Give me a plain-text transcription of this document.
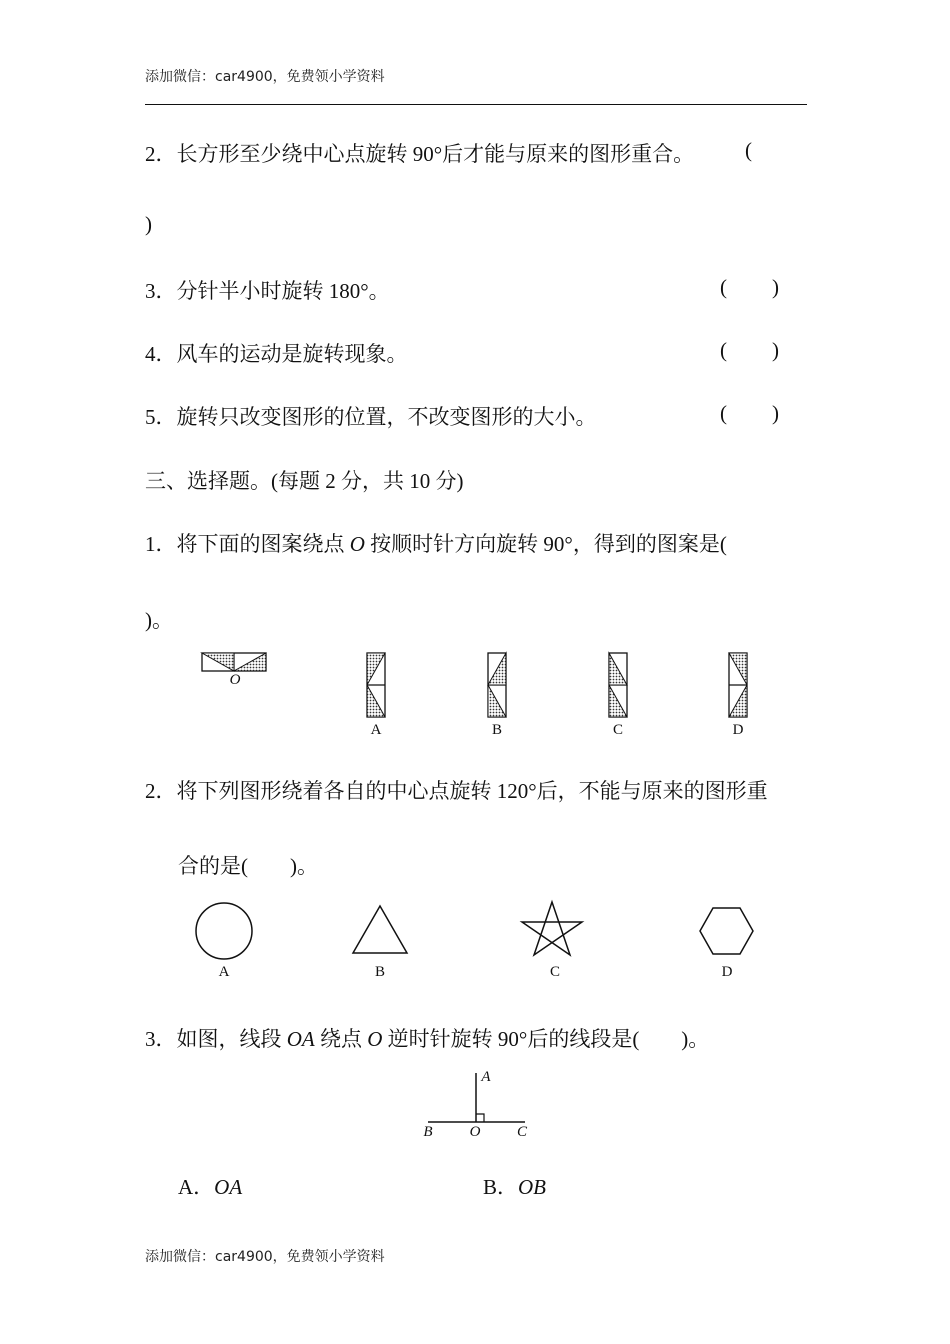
添加微信：car4900，免费领小学资料
2．长方形至少绕中心点旋转 90°后才能与原来的图形重合。 (
)
3．分针半小时旋转 180°。	( )
4．风车的运动是旋转现象。	( )
5．旋转只改变图形的位置，不改变图形的大小。	( )
三、选择题。(每题 2 分，共 10 分)
1．将下面的图案绕点 O 按顺时针方向旋转 90°，得到的图案是(
)。
O
A	B	C	D
2．将下列图形绕着各自的中心点旋转 120°后，不能与原来的图形重
合的是(　　)。
A	B	C	D
3．如图，线段 OA 绕点 O 逆时针旋转 90°后的线段是(　　)。
A
B	O	C
A．OA	B．OB
添加微信：car4900，免费领小学资料
